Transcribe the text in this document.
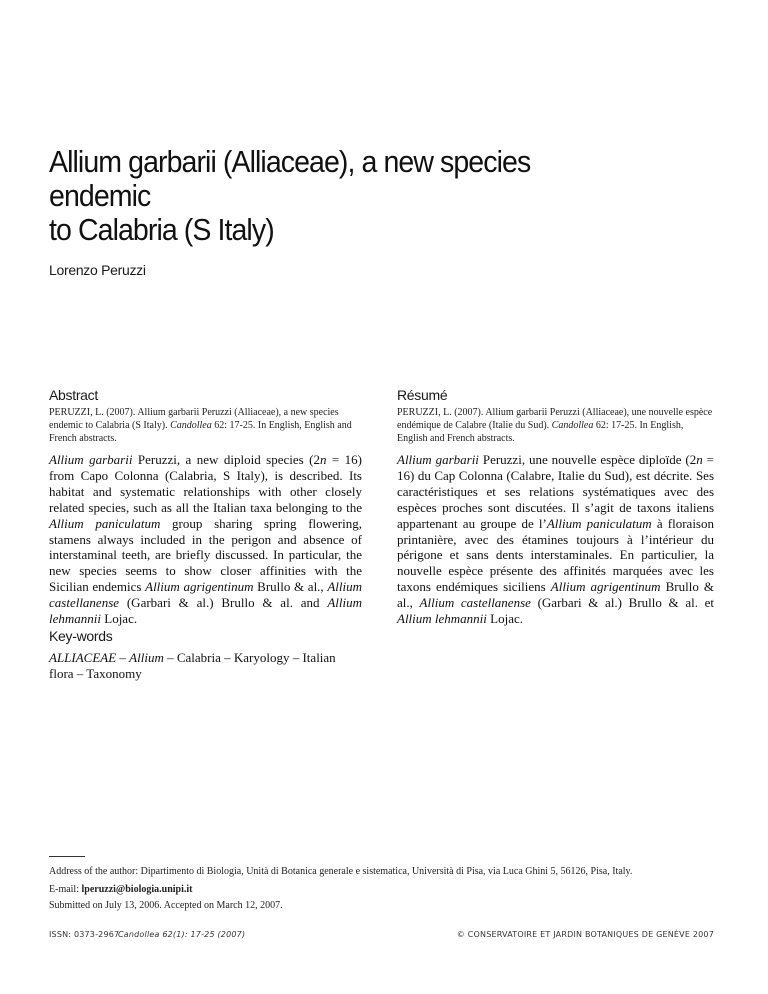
Allium garbarii (Alliaceae), a new species endemic
to Calabria (S Italy)
Lorenzo Peruzzi
Abstract
PERUZZI, L. (2007). Allium garbarii Peruzzi (Alliaceae), a new species endemic to Calabria (S Italy). Candollea 62: 17-25. In English, English and French abstracts.
Allium garbarii Peruzzi, a new diploid species (2n = 16) from Capo Colonna (Calabria, S Italy), is described. Its habitat and systematic relationships with other closely related species, such as all the Italian taxa belonging to the Allium paniculatum group sharing spring flowering, stamens always included in the perigon and absence of interstaminal teeth, are briefly discussed. In particular, the new species seems to show closer affinities with the Sicilian endemics Allium agrigentinum Brullo & al., Allium castellanense (Garbari & al.) Brullo & al. and Allium lehmannii Lojac.
Résumé
PERUZZI, L. (2007). Allium garbarii Peruzzi (Alliaceae), une nouvelle espèce endémique de Calabre (Italie du Sud). Candollea 62: 17-25. In English, English and French abstracts.
Allium garbarii Peruzzi, une nouvelle espèce diploïde (2n = 16) du Cap Colonna (Calabre, Italie du Sud), est décrite. Ses caractéristiques et ses relations systématiques avec des espèces proches sont discutées. Il s’agit de taxons italiens appartenant au groupe de l’Allium paniculatum à floraison printanière, avec des étamines toujours à l’intérieur du périgone et sans dents interstaminales. En particulier, la nouvelle espèce présente des affinités marquées avec les taxons endémiques siciliens Allium agrigentinum Brullo & al., Allium castellanense (Garbari & al.) Brullo & al. et Allium lehmannii Lojac.
Key-words
ALLIACEAE – Allium – Calabria – Karyology – Italian flora – Taxonomy
Address of the author: Dipartimento di Biologia, Unità di Botanica generale e sistematica, Università di Pisa, via Luca Ghini 5, 56126, Pisa, Italy.
E-mail: lperuzzi@biologia.unipi.it
Submitted on July 13, 2006. Accepted on March 12, 2007.
ISSN: 0373-2967
Candollea 62(1): 17-25 (2007)	© CONSERVATOIRE ET JARDIN BOTANIQUES DE GENÈVE 2007
